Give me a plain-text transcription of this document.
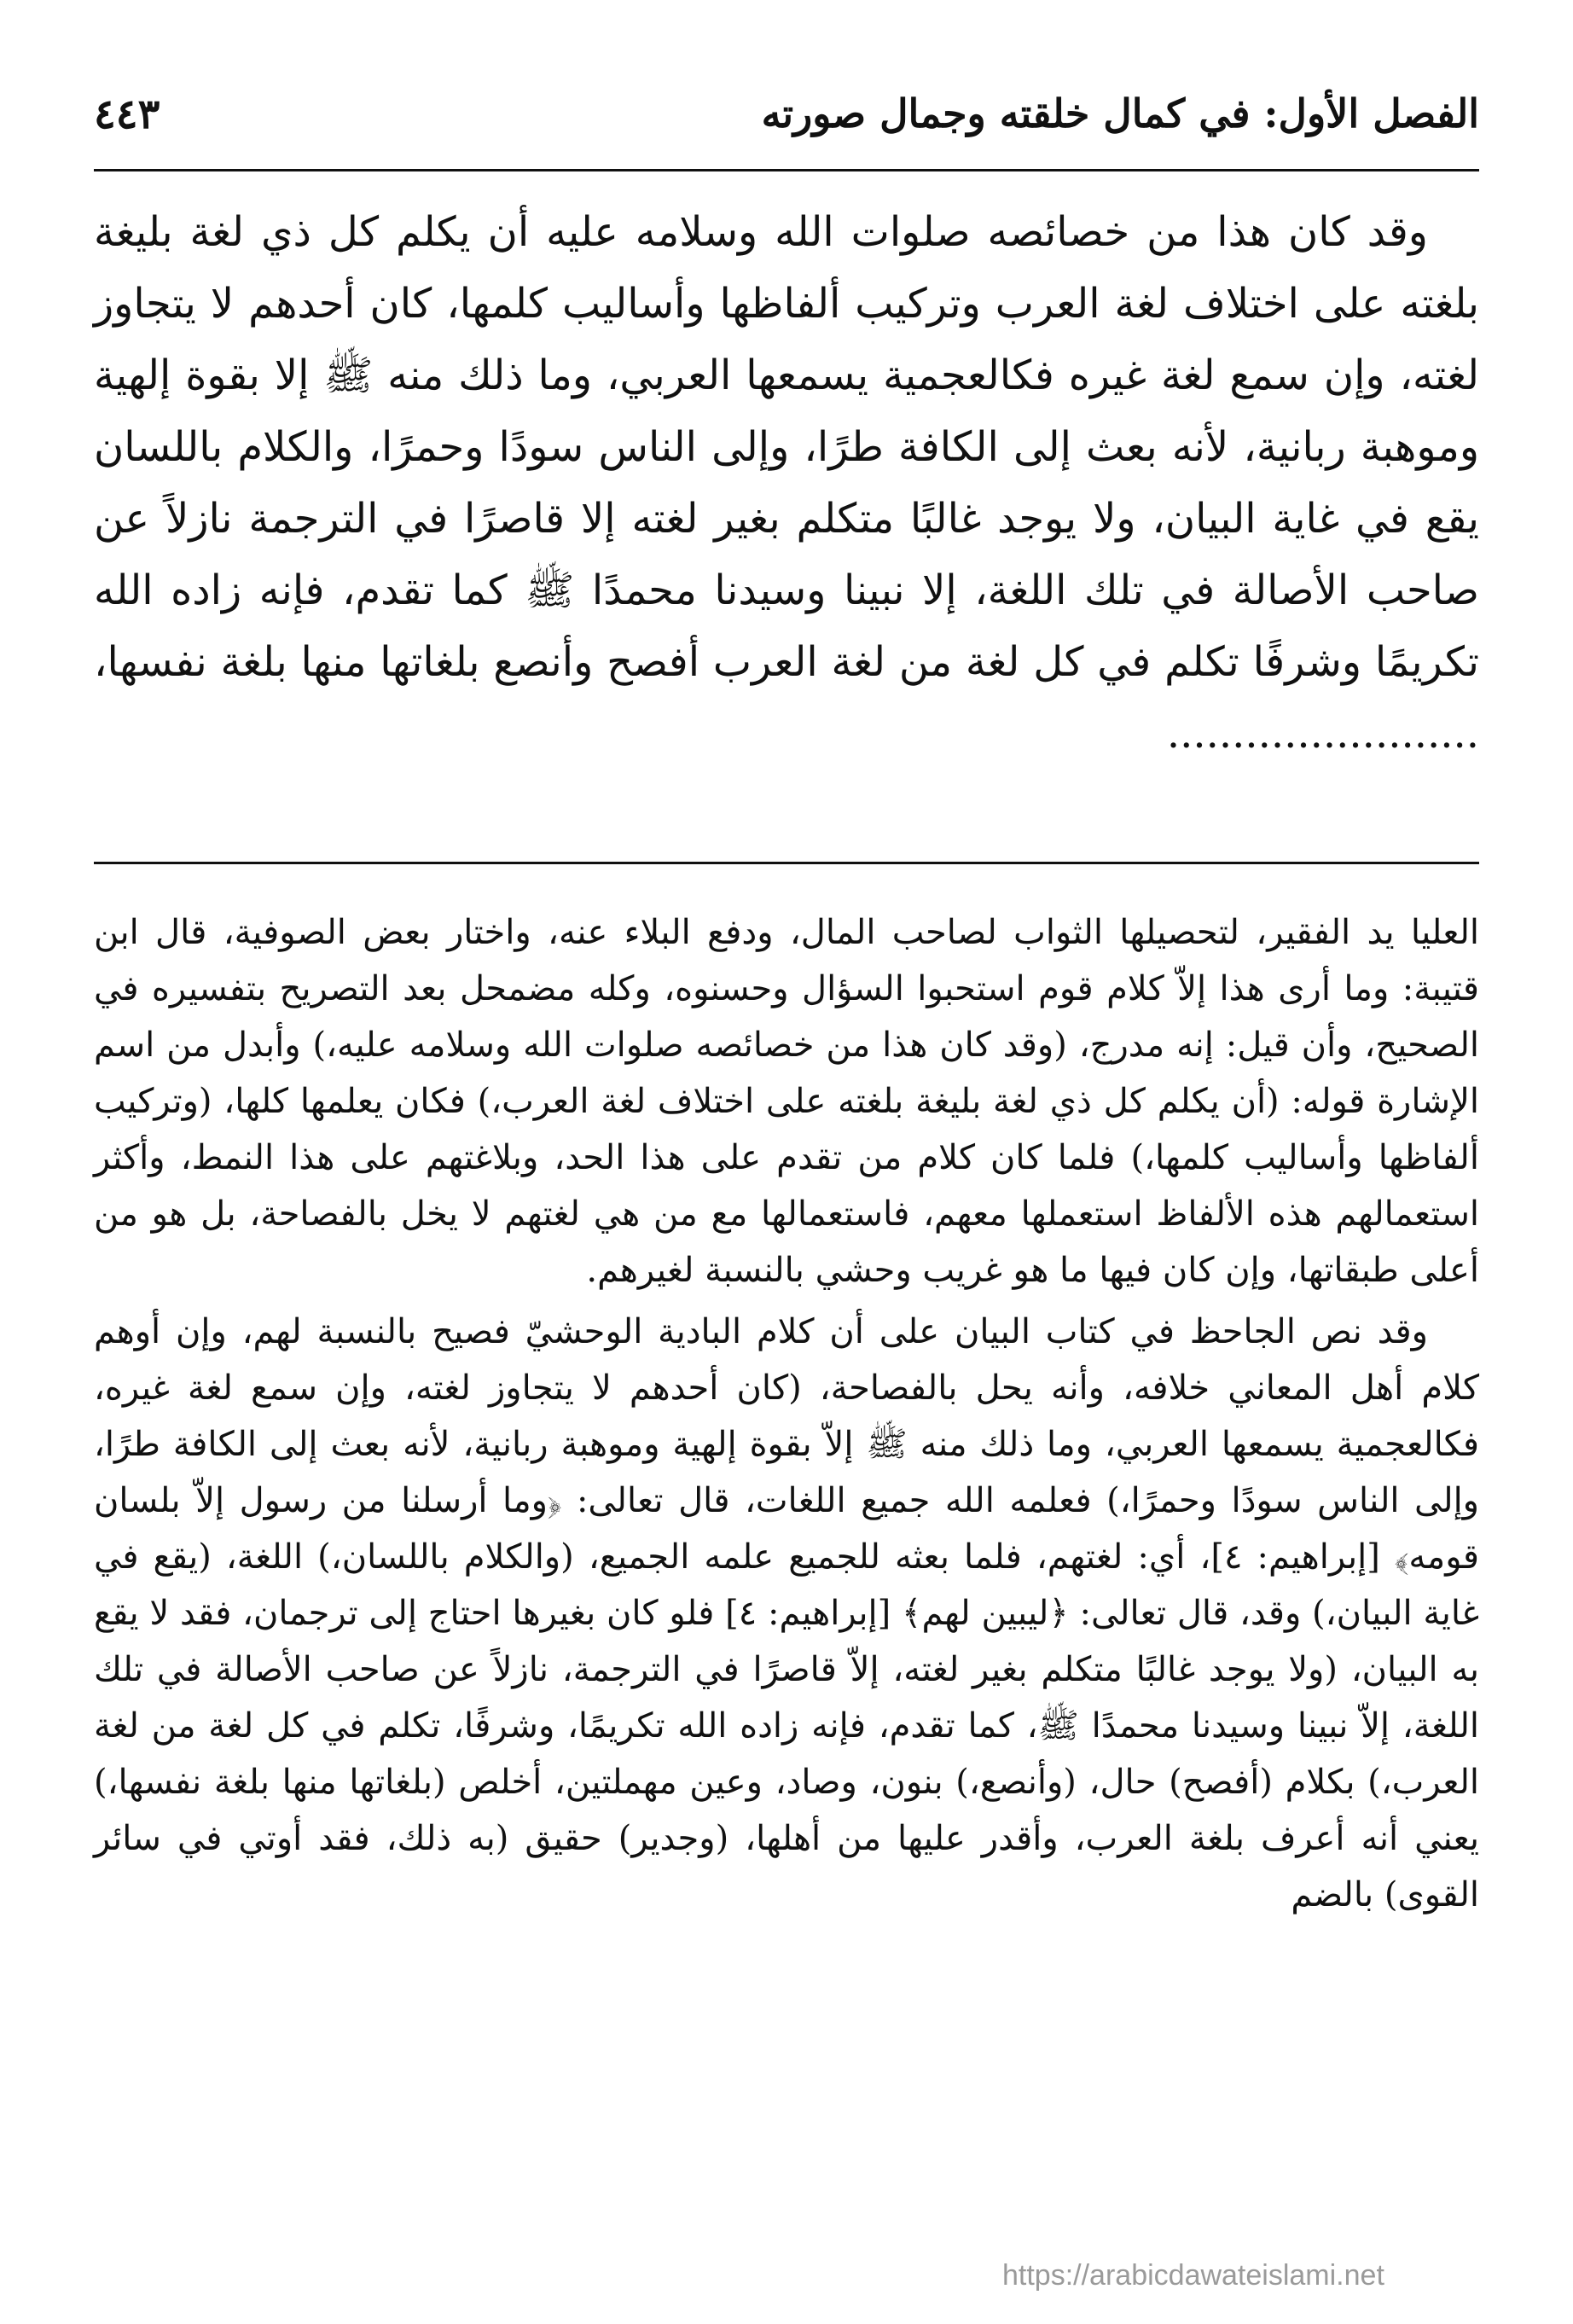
الفصل الأول: في كمال خلقته وجمال صورته
٤٤٣

وقد كان هذا من خصائصه صلوات الله وسلامه عليه أن يكلم كل ذي لغة بليغة بلغته على اختلاف لغة العرب وتركيب ألفاظها وأساليب كلمها، كان أحدهم لا يتجاوز لغته، وإن سمع لغة غيره فكالعجمية يسمعها العربي، وما ذلك منه ﷺ إلا بقوة إلهية وموهبة ربانية، لأنه بعث إلى الكافة طرًا، وإلى الناس سودًا وحمرًا، والكلام باللسان يقع في غاية البيان، ولا يوجد غالبًا متكلم بغير لغته إلا قاصرًا في الترجمة نازلاً عن صاحب الأصالة في تلك اللغة، إلا نبينا وسيدنا محمدًا ﷺ كما تقدم، فإنه زاده الله تكريمًا وشرفًا تكلم في كل لغة من لغة العرب أفصح وأنصع بلغاتها منها بلغة نفسها، ........................

العليا يد الفقير، لتحصيلها الثواب لصاحب المال، ودفع البلاء عنه، واختار بعض الصوفية، قال ابن قتيبة: وما أرى هذا إلاّ كلام قوم استحبوا السؤال وحسنوه، وكله مضمحل بعد التصريح بتفسيره في الصحيح، وأن قيل: إنه مدرج، (وقد كان هذا من خصائصه صلوات الله وسلامه عليه،) وأبدل من اسم الإشارة قوله: (أن يكلم كل ذي لغة بليغة بلغته على اختلاف لغة العرب،) فكان يعلمها كلها، (وتركيب ألفاظها وأساليب كلمها،) فلما كان كلام من تقدم على هذا الحد، وبلاغتهم على هذا النمط، وأكثر استعمالهم هذه الألفاظ استعملها معهم، فاستعمالها مع من هي لغتهم لا يخل بالفصاحة، بل هو من أعلى طبقاتها، وإن كان فيها ما هو غريب وحشي بالنسبة لغيرهم.

وقد نص الجاحظ في كتاب البيان على أن كلام البادية الوحشيّ فصيح بالنسبة لهم، وإن أوهم كلام أهل المعاني خلافه، وأنه يحل بالفصاحة، (كان أحدهم لا يتجاوز لغته، وإن سمع لغة غيره، فكالعجمية يسمعها العربي، وما ذلك منه ﷺ إلاّ بقوة إلهية وموهبة ربانية، لأنه بعث إلى الكافة طرًا، وإلى الناس سودًا وحمرًا،) فعلمه الله جميع اللغات، قال تعالى: ﴿وما أرسلنا من رسول إلاّ بلسان قومه﴾ [إبراهيم: ٤]، أي: لغتهم، فلما بعثه للجميع علمه الجميع، (والكلام باللسان،) اللغة، (يقع في غاية البيان،) وقد، قال تعالى: ﴿ليبين لهم﴾ [إبراهيم: ٤] فلو كان بغيرها احتاج إلى ترجمان، فقد لا يقع به البيان، (ولا يوجد غالبًا متكلم بغير لغته، إلاّ قاصرًا في الترجمة، نازلاً عن صاحب الأصالة في تلك اللغة، إلاّ نبينا وسيدنا محمدًا ﷺ، كما تقدم، فإنه زاده الله تكريمًا، وشرفًا، تكلم في كل لغة من لغة العرب،) بكلام (أفصح) حال، (وأنصع،) بنون، وصاد، وعين مهملتين، أخلص (بلغاتها منها بلغة نفسها،) يعني أنه أعرف بلغة العرب، وأقدر عليها من أهلها، (وجدير) حقيق (به ذلك، فقد أوتي في سائر القوى) بالضم

https://arabicdawateislami.net
